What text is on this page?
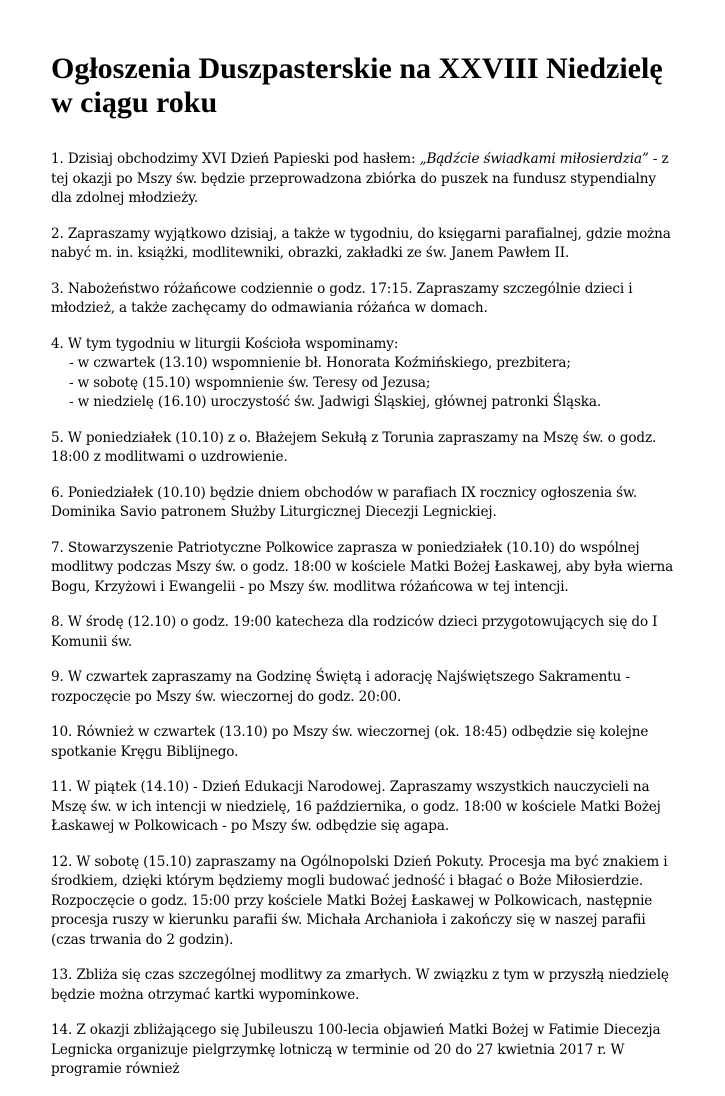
Ogłoszenia Duszpasterskie na XXVIII Niedzielę w ciągu roku
1. Dzisiaj obchodzimy XVI Dzień Papieski pod hasłem: „Bądźcie świadkami miłosierdzia” - z tej okazji po Mszy św. będzie przeprowadzona zbiórka do puszek na fundusz stypendialny dla zdolnej młodzieży.
2. Zapraszamy wyjątkowo dzisiaj, a także w tygodniu, do księgarni parafialnej, gdzie można nabyć m. in. książki, modlitewniki, obrazki, zakładki ze św. Janem Pawłem II.
3. Nabożeństwo różańcowe codziennie o godz. 17:15. Zapraszamy szczególnie dzieci i młodzież, a także zachęcamy do odmawiania różańca w domach.
4. W tym tygodniu w liturgii Kościoła wspominamy:
- w czwartek (13.10) wspomnienie bł. Honorata Koźmińskiego, prezbitera;
- w sobotę (15.10) wspomnienie św. Teresy od Jezusa;
- w niedzielę (16.10) uroczystość św. Jadwigi Śląskiej, głównej patronki Śląska.
5. W poniedziałek (10.10) z o. Błażejem Sekułą z Torunia zapraszamy na Mszę św. o godz. 18:00 z modlitwami o uzdrowienie.
6. Poniedziałek (10.10) będzie dniem obchodów w parafiach IX rocznicy ogłoszenia św. Dominika Savio patronem Służby Liturgicznej Diecezji Legnickiej.
7. Stowarzyszenie Patriotyczne Polkowice zaprasza w poniedziałek (10.10) do wspólnej modlitwy podczas Mszy św. o godz. 18:00 w kościele Matki Bożej Łaskawej, aby była wierna Bogu, Krzyżowi i Ewangelii - po Mszy św. modlitwa różańcowa w tej intencji.
8. W środę (12.10) o godz. 19:00 katecheza dla rodziców dzieci przygotowujących się do I Komunii św.
9. W czwartek zapraszamy na Godzinę Świętą i adorację Najświętszego Sakramentu - rozpoczęcie po Mszy św. wieczornej do godz. 20:00.
10. Również w czwartek (13.10) po Mszy św. wieczornej (ok. 18:45) odbędzie się kolejne spotkanie Kręgu Biblijnego.
11. W piątek (14.10) - Dzień Edukacji Narodowej. Zapraszamy wszystkich nauczycieli na Mszę św. w ich intencji w niedzielę, 16 października, o godz. 18:00 w kościele Matki Bożej Łaskawej w Polkowicach - po Mszy św. odbędzie się agapa.
12. W sobotę (15.10) zapraszamy na Ogólnopolski Dzień Pokuty. Procesja ma być znakiem i środkiem, dzięki którym będziemy mogli budować jedność i błagać o Boże Miłosierdzie. Rozpoczęcie o godz. 15:00 przy kościele Matki Bożej Łaskawej w Polkowicach, następnie procesja ruszy w kierunku parafii św. Michała Archanioła i zakończy się w naszej parafii (czas trwania do 2 godzin).
13. Zbliża się czas szczególnej modlitwy za zmarłych. W związku z tym w przyszłą niedzielę będzie można otrzymać kartki wypominkowe.
14. Z okazji zbliżającego się Jubileuszu 100-lecia objawień Matki Bożej w Fatimie Diecezja Legnicka organizuje pielgrzymkę lotniczą w terminie od 20 do 27 kwietnia 2017 r. W programie również
